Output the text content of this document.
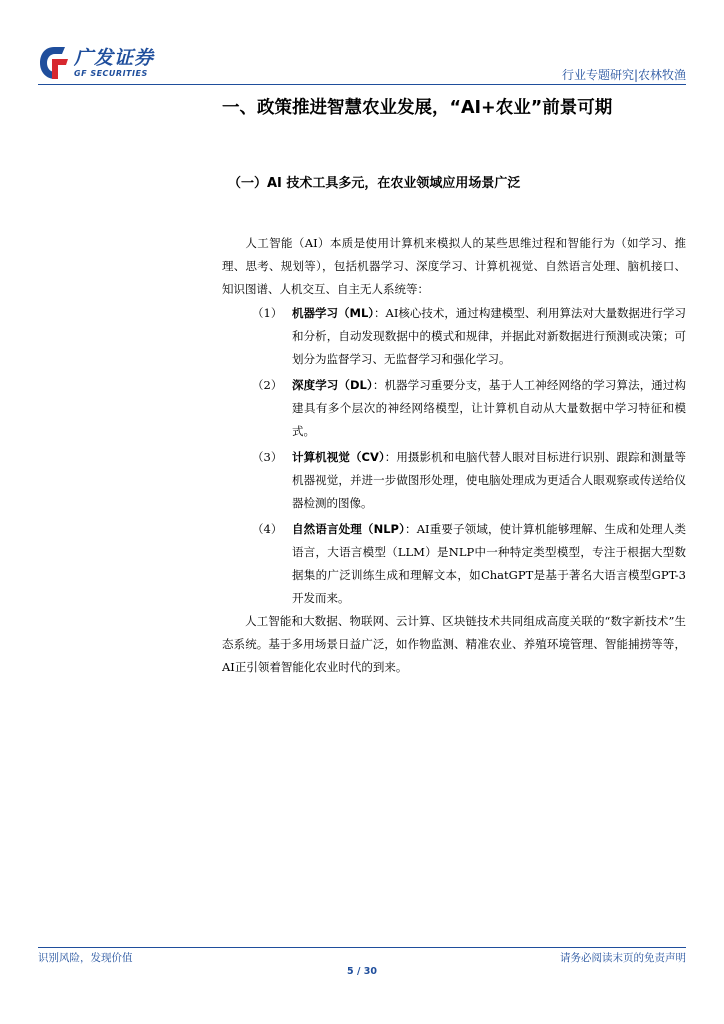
广发证券
GF SECURITIES	行业专题研究|农林牧渔
一、政策推进智慧农业发展，“AI+农业”前景可期
（一）AI 技术工具多元，在农业领域应用场景广泛

  人工智能（AI）本质是使用计算机来模拟人的某些思维过程和智能行为（如学习、推理、思考、规划等），包括机器学习、深度学习、计算机视觉、自然语言处理、脑机接口、知识图谱、人机交互、自主无人系统等：

（1） 机器学习（ML）：AI核心技术，通过构建模型、利用算法对大量数据进行学习和分析，自动发现数据中的模式和规律，并据此对新数据进行预测或决策；可划分为监督学习、无监督学习和强化学习。
（2） 深度学习（DL）：机器学习重要分支，基于人工神经网络的学习算法，通过构建具有多个层次的神经网络模型，让计算机自动从大量数据中学习特征和模式。
（3） 计算机视觉（CV）：用摄影机和电脑代替人眼对目标进行识别、跟踪和测量等机器视觉，并进一步做图形处理，使电脑处理成为更适合人眼观察或传送给仪器检测的图像。
（4） 自然语言处理（NLP）：AI重要子领域，使计算机能够理解、生成和处理人类语言，大语言模型（LLM）是NLP中一种特定类型模型，专注于根据大型数据集的广泛训练生成和理解文本，如ChatGPT是基于著名大语言模型GPT-3开发而来。

  人工智能和大数据、物联网、云计算、区块链技术共同组成高度关联的“数字新技术”生态系统。基于多用场景日益广泛，如作物监测、精准农业、养殖环境管理、智能捕捞等等，AI正引领着智能化农业时代的到来。

识别风险，发现价值	请务必阅读末页的免责声明
5 / 30
